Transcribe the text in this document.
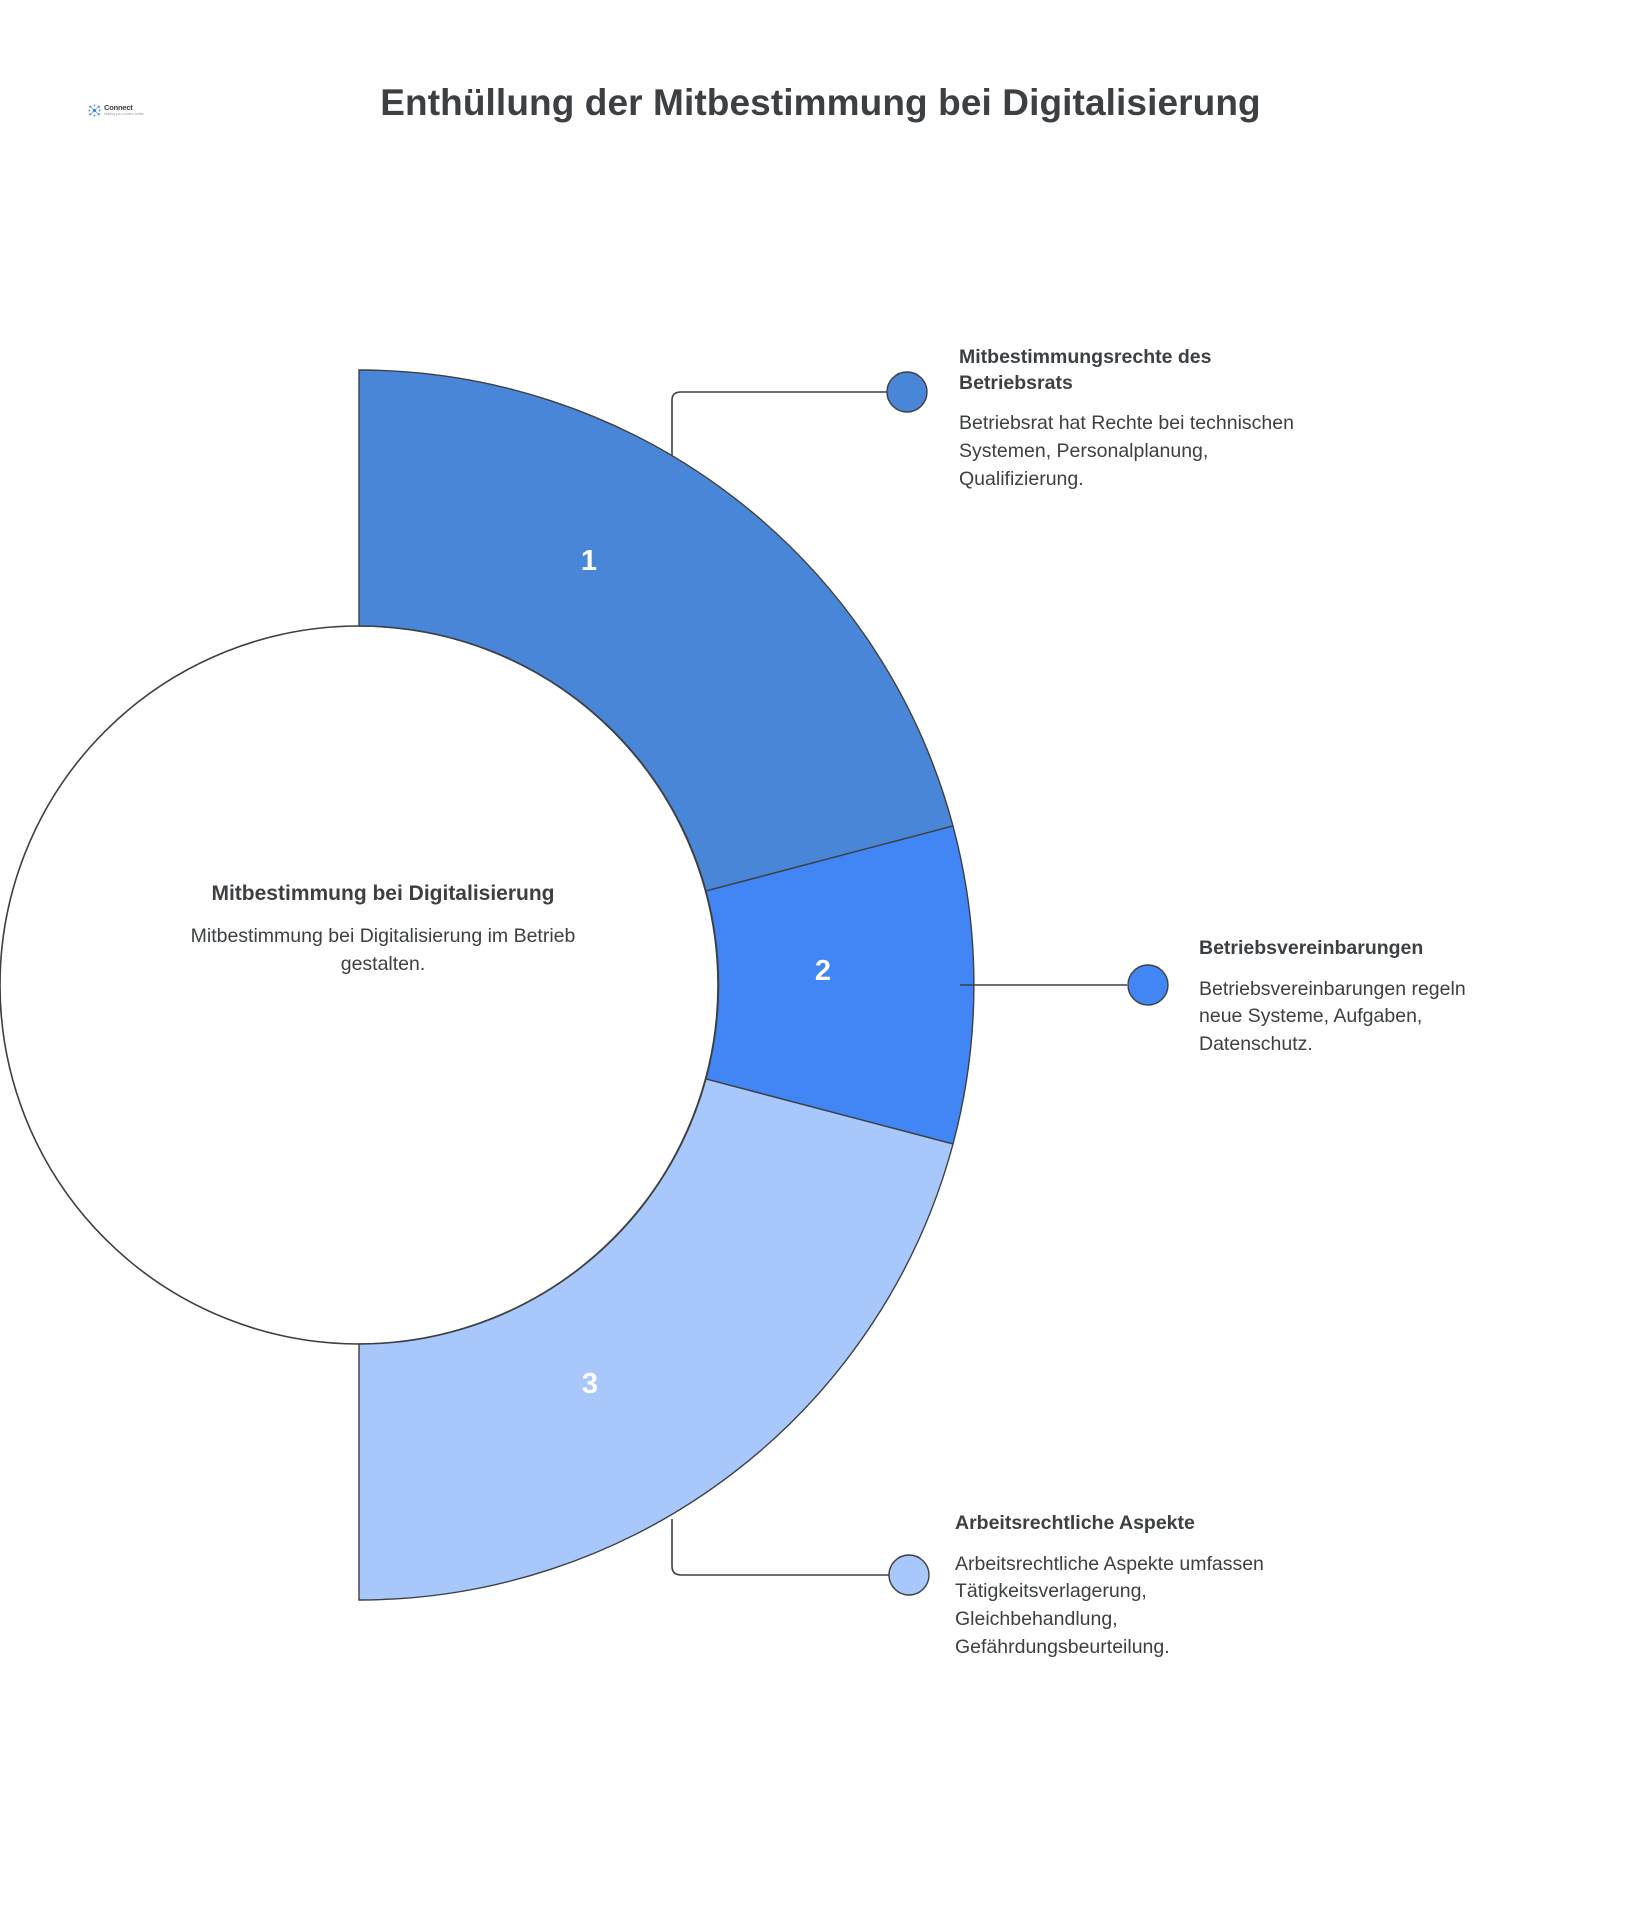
Connect
helping you connect better	Enthüllung der Mitbestimmung bei Digitalisierung
Mitbestimmung bei Digitalisierung
Mitbestimmung bei Digitalisierung im Betrieb gestalten.
1
2
3
Mitbestimmungsrechte des Betriebsrats
Betriebsrat hat Rechte bei technischen Systemen, Personalplanung, Qualifizierung.
Betriebsvereinbarungen
Betriebsvereinbarungen regeln neue Systeme, Aufgaben, Datenschutz.
Arbeitsrechtliche Aspekte
Arbeitsrechtliche Aspekte umfassen Tätigkeitsverlagerung, Gleichbehandlung, Gefährdungsbeurteilung.
